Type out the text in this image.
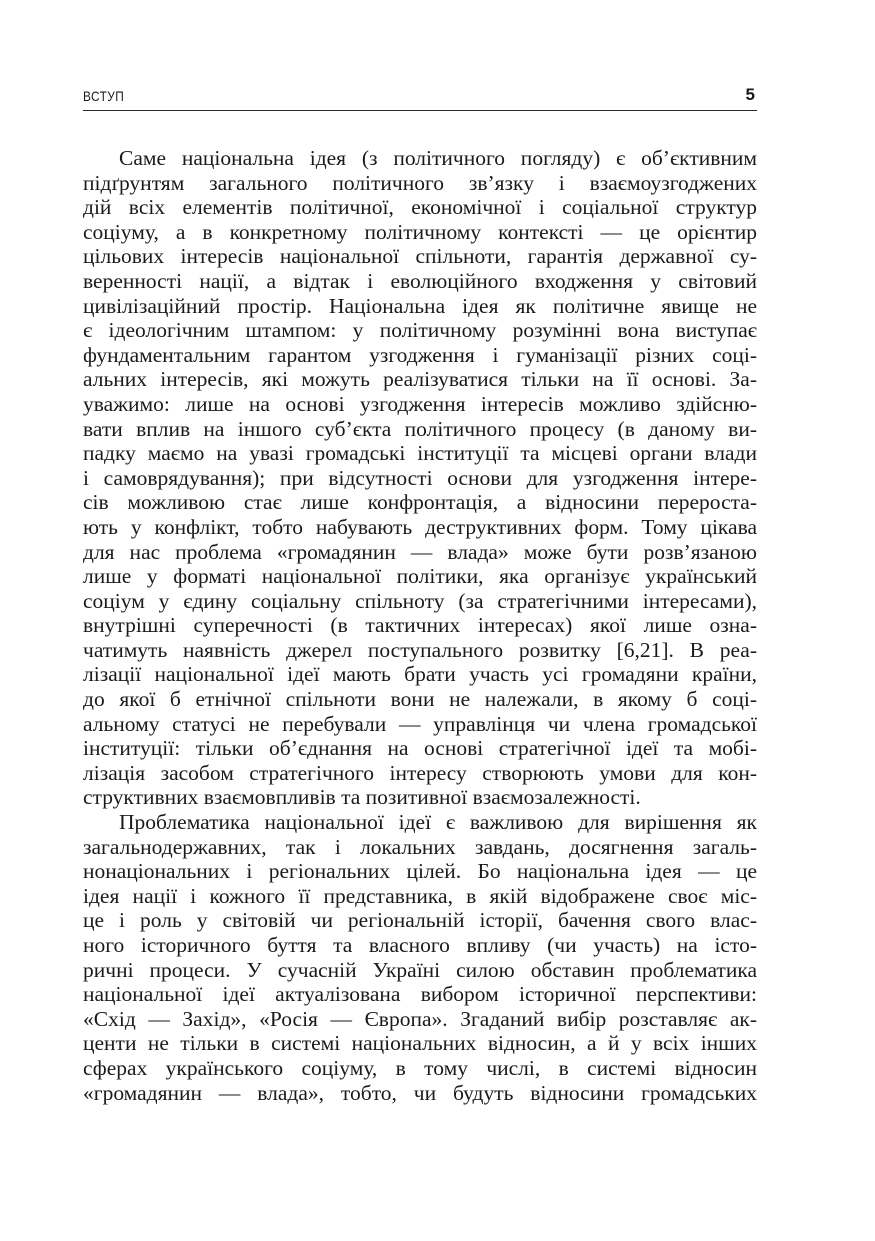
ВСТУП	5
Саме національна ідея (з політичного погляду) є об’єктивним
підґрунтям загального політичного зв’язку і взаємоузгоджених
дій всіх елементів політичної, економічної і соціальної структур
соціуму, а в конкретному політичному контексті — це орієнтир
цільових інтересів національної спільноти, гарантія державної су-
веренності нації, а відтак і еволюційного входження у світовий
цивілізаційний простір. Національна ідея як політичне явище не
є ідеологічним штампом: у політичному розумінні вона виступає
фундаментальним гарантом узгодження і гуманізації різних соці-
альних інтересів, які можуть реалізуватися тільки на її основі. За-
уважимо: лише на основі узгодження інтересів можливо здійсню-
вати вплив на іншого суб’єкта політичного процесу (в даному ви-
падку маємо на увазі громадські інституції та місцеві органи влади
і самоврядування); при відсутності основи для узгодження інтере-
сів можливою стає лише конфронтація, а відносини перероста-
ють у конфлікт, тобто набувають деструктивних форм. Тому цікава
для нас проблема «громадянин — влада» може бути розв’язаною
лише у форматі національної політики, яка організує український
соціум у єдину соціальну спільноту (за стратегічними інтересами),
внутрішні суперечності (в тактичних інтересах) якої лише озна-
чатимуть наявність джерел поступального розвитку [6,21]. В реа-
лізації національної ідеї мають брати участь усі громадяни країни,
до якої б етнічної спільноти вони не належали, в якому б соці-
альному статусі не перебували — управлінця чи члена громадської
інституції: тільки об’єднання на основі стратегічної ідеї та мобі-
лізація засобом стратегічного інтересу створюють умови для кон-
структивних взаємовпливів та позитивної взаємозалежності.
Проблематика національної ідеї є важливою для вирішення як
загальнодержавних, так і локальних завдань, досягнення загаль-
нонаціональних і регіональних цілей. Бо національна ідея — це
ідея нації і кожного її представника, в якій відображене своє міс-
це і роль у світовій чи регіональній історії, бачення свого влас-
ного історичного буття та власного впливу (чи участь) на істо-
ричні процеси. У сучасній Україні силою обставин проблематика
національної ідеї актуалізована вибором історичної перспективи:
«Схід — Захід», «Росія — Європа». Згаданий вибір розставляє ак-
центи не тільки в системі національних відносин, а й у всіх інших
сферах українського соціуму, в тому числі, в системі відносин
«громадянин — влада», тобто, чи будуть відносини громадських
